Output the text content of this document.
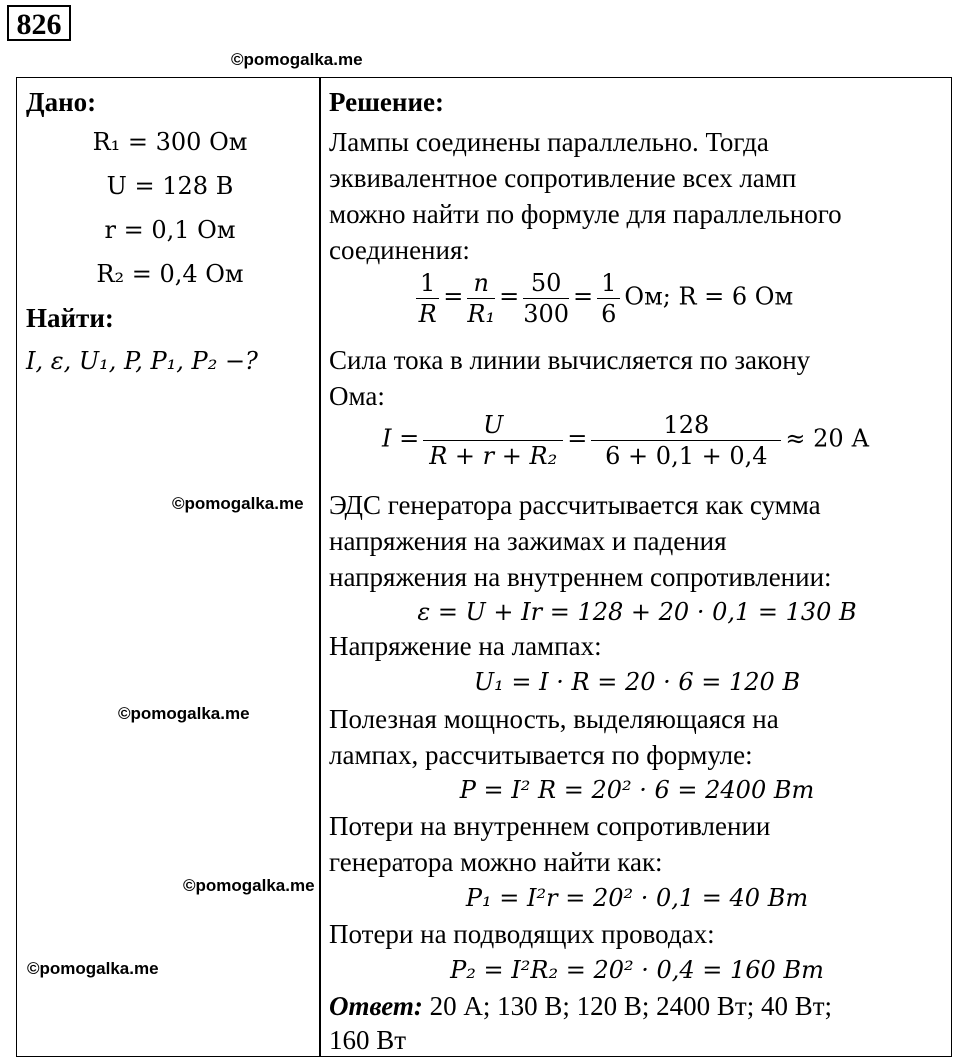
826
©pomogalka.me
©pomogalka.me
©pomogalka.me
©pomogalka.me
©pomogalka.me
Дано:
R₁ = 300 Ом
U = 128 В
r = 0,1 Ом
R₂ = 0,4 Ом
Найти:
I, ε, U₁, P, P₁, P₂ −?
Решение:
Лампы соединены параллельно. Тогда
эквивалентное сопротивление всех ламп
можно найти по формуле для параллельного
соединения:
$\frac{1}{R} = \frac{n}{\text{R₁}} = \frac{50}{300} = \frac{1}{6}$ Ом; R = 6 Ом
Сила тока в линии вычисляется по закону
Ома:
$I = \frac{U}{\text{R + r + R₂}} = \frac{128}{6 + 0,1 + 0,4} \approx 20$ А
ЭДС генератора рассчитывается как сумма
напряжения на зажимах и падения
напряжения на внутреннем сопротивлении:
ε = U + Ir = 128 + 20 · 0,1 = 130 В
Напряжение на лампах:
U₁ = I · R = 20 · 6 = 120 В
Полезная мощность, выделяющаяся на
лампах, рассчитывается по формуле:
P = I² R = 20² · 6 = 2400 Вт
Потери на внутреннем сопротивлении
генератора можно найти как:
P₁ = I²r = 20² · 0,1 = 40 Вт
Потери на подводящих проводах:
P₂ = I²R₂ = 20² · 0,4 = 160 Вт
Ответ: 20 А; 130 В; 120 В; 2400 Вт; 40 Вт;
160 Вт
